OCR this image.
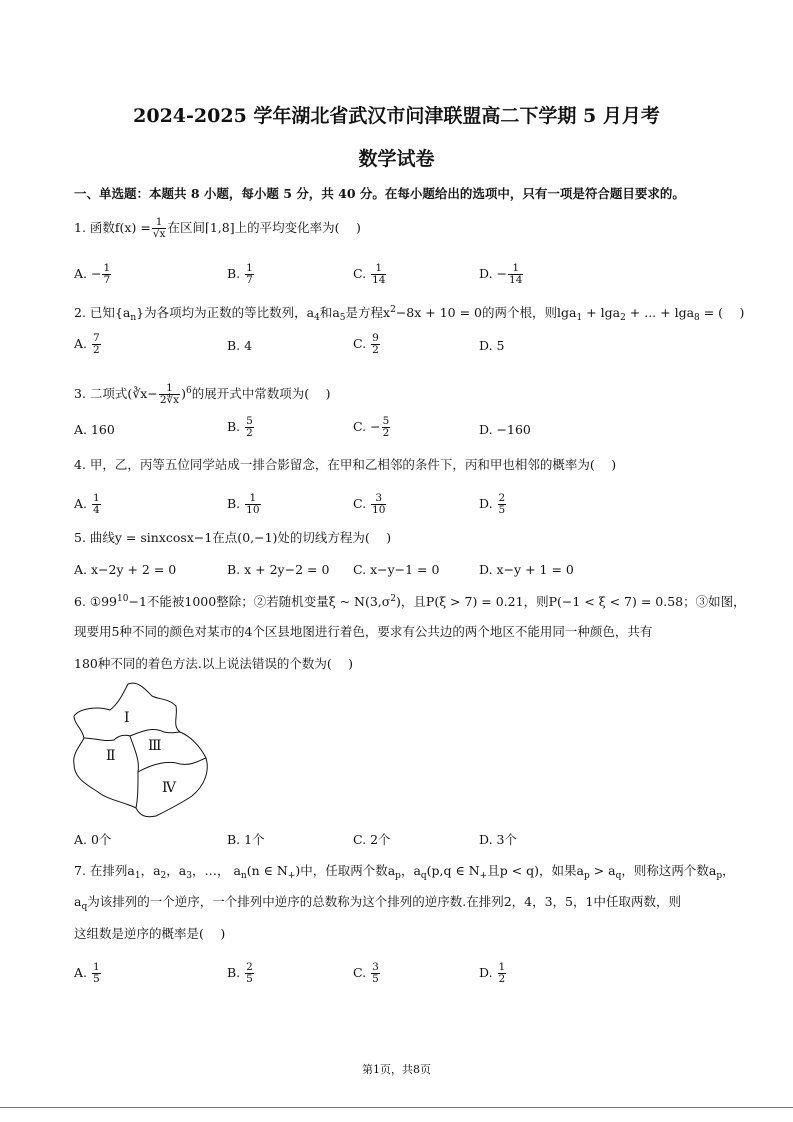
2024-2025 学年湖北省武汉市问津联盟高二下学期 5 月月考
数学试卷
一、单选题：本题共 8 小题，每小题 5 分，共 40 分。在每小题给出的选项中，只有一项是符合题目要求的。
1. 函数$f(x) = \frac{1}{√x}$ 在区间⌈1,8]上的平均变化率为(　 )
A. − $\frac{1}{7}$	B. $\frac{1}{7}$	C. $\frac{1}{14}$	D. − $\frac{1}{14}$
2. 已知$\{a_n\}$为各项均为正数的等比数列，$a_4$和$a_5$是方程$x^2-8x + 10 = 0$的两个根，则lga$_1$ + lga$_2$ + ... + lga$_8$ = (　 )
A. $\frac{7}{2}$	B. 4	C. $\frac{9}{2}$	D. 5
3. 二项式(∛x− $\frac{1}{2∜x} )^6$的展开式中常数项为(　 )
A. 160	B. $\frac{5}{2}$	C. − $\frac{5}{2}$	D. −160
4. 甲，乙，丙等五位同学站成一排合影留念，在甲和乙相邻的条件下，丙和甲也相邻的概率为(　 )
A. $\frac{1}{4}$	B. $\frac{1}{10}$	C. $\frac{3}{10}$	D. $\frac{2}{5}$
5. 曲线y = sinxcosx−1在点(0,−1)处的切线方程为(　 )
A. x−2y + 2 = 0	B. x + 2y−2 = 0 C. x−y−1 = 0	D. x−y + 1 = 0
6. $①99^{10}-1$不能被1000整除；②若随机变量ξ ~ $N(3,\sigma^2)$，且P(ξ > 7) = 0.21，则P(−1 < ξ < 7) = 0.58；③如图，
现要用5种不同的颜色对某市的4个区县地图进行着色，要求有公共边的两个地区不能用同一种颜色，共有
180种不同的着色方法.以上说法错误的个数为(　 )
Ⅰ
Ⅱ
Ⅲ
Ⅳ
A. 0个	B. 1个	C. 2个	D. 3个
7. 在排列$a_1$，$a_2$，$a_3$，…， $a_n(n$ ∈ $N_+$)中，任取两个数$a_p$，$a_q(p,q$ ∈ $N_+$且p < q)，如果$a_p > a_q$，则称这两个数$a_p$，
$a_q$为该排列的一个逆序，一个排列中逆序的总数称为这个排列的逆序数.在排列2，4，3，5，1中任取两数，则
这组数是逆序的概率是(　 )
A. $\frac{1}{5}$	B. $\frac{2}{5}$	C. $\frac{3}{5}$	D. $\frac{1}{2}$
第1页，共8页
